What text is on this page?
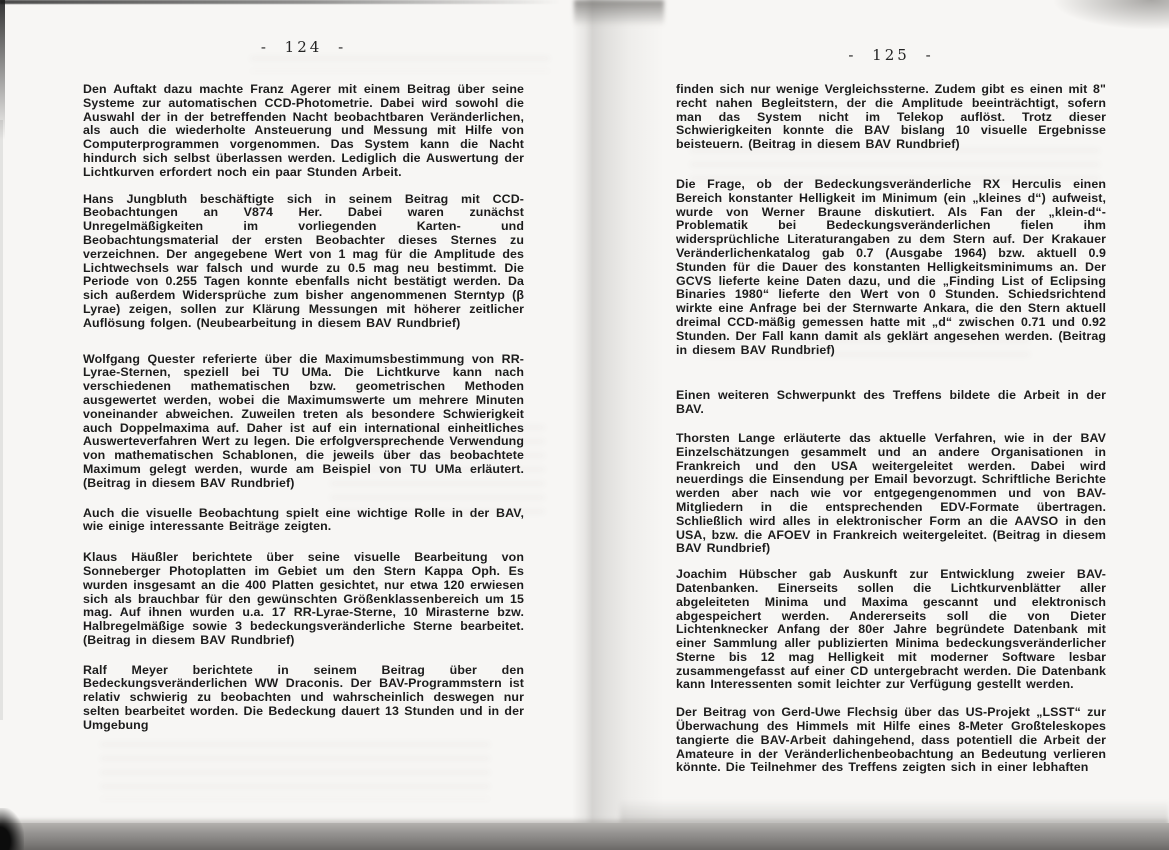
- 124 -

Den Auftakt dazu machte Franz Agerer mit einem Beitrag über seine Systeme zur automatischen CCD-Photometrie. Dabei wird sowohl die Auswahl der in der betreffenden Nacht beobachtbaren Veränderlichen, als auch die wiederholte Ansteuerung und Messung mit Hilfe von Computerprogrammen vorgenommen. Das System kann die Nacht hindurch sich selbst überlassen werden. Lediglich die Auswertung der Lichtkurven erfordert noch ein paar Stunden Arbeit.

Hans Jungbluth beschäftigte sich in seinem Beitrag mit CCD-Beobachtungen an V874 Her. Dabei waren zunächst Unregelmäßigkeiten im vorliegenden Karten- und Beobachtungsmaterial der ersten Beobachter dieses Sternes zu verzeichnen. Der angegebene Wert von 1 mag für die Amplitude des Lichtwechsels war falsch und wurde zu 0.5 mag neu bestimmt. Die Periode von 0.255 Tagen konnte ebenfalls nicht bestätigt werden. Da sich außerdem Widersprüche zum bisher angenommenen Sterntyp (β Lyrae) zeigen, sollen zur Klärung Messungen mit höherer zeitlicher Auflösung folgen. (Neubearbeitung in diesem BAV Rundbrief)

Wolfgang Quester referierte über die Maximumsbestimmung von RR-Lyrae-Sternen, speziell bei TU UMa. Die Lichtkurve kann nach verschiedenen mathematischen bzw. geometrischen Methoden ausgewertet werden, wobei die Maximumswerte um mehrere Minuten voneinander abweichen. Zuweilen treten als besondere Schwierigkeit auch Doppelmaxima auf. Daher ist auf ein international einheitliches Auswerteverfahren Wert zu legen. Die erfolgversprechende Verwendung von mathematischen Schablonen, die jeweils über das beobachtete Maximum gelegt werden, wurde am Beispiel von TU UMa erläutert. (Beitrag in diesem BAV Rundbrief)

Auch die visuelle Beobachtung spielt eine wichtige Rolle in der BAV, wie einige interessante Beiträge zeigten.

Klaus Häußler berichtete über seine visuelle Bearbeitung von Sonneberger Photoplatten im Gebiet um den Stern Kappa Oph. Es wurden insgesamt an die 400 Platten gesichtet, nur etwa 120 erwiesen sich als brauchbar für den gewünschten Größenklassenbereich um 15 mag. Auf ihnen wurden u.a. 17 RR-Lyrae-Sterne, 10 Mirasterne bzw. Halbregelmäßige sowie 3 bedeckungsveränderliche Sterne bearbeitet. (Beitrag in diesem BAV Rundbrief)

Ralf Meyer berichtete in seinem Beitrag über den Bedeckungsveränderlichen WW Draconis. Der BAV-Programmstern ist relativ schwierig zu beobachten und wahrscheinlich deswegen nur selten bearbeitet worden. Die Bedeckung dauert 13 Stunden und in der Umgebung

- 125 -

finden sich nur wenige Vergleichssterne. Zudem gibt es einen mit 8" recht nahen Begleitstern, der die Amplitude beeinträchtigt, sofern man das System nicht im Telekop auflöst. Trotz dieser Schwierigkeiten konnte die BAV bislang 10 visuelle Ergebnisse beisteuern. (Beitrag in diesem BAV Rundbrief)

Die Frage, ob der Bedeckungsveränderliche RX Herculis einen Bereich konstanter Helligkeit im Minimum (ein „kleines d“) aufweist, wurde von Werner Braune diskutiert. Als Fan der „klein-d“-Problematik bei Bedeckungsveränderlichen fielen ihm widersprüchliche Literaturangaben zu dem Stern auf. Der Krakauer Veränderlichenkatalog gab 0.7 (Ausgabe 1964) bzw. aktuell 0.9 Stunden für die Dauer des konstanten Helligkeitsminimums an. Der GCVS lieferte keine Daten dazu, und die „Finding List of Eclipsing Binaries 1980“ lieferte den Wert von 0 Stunden. Schiedsrichtend wirkte eine Anfrage bei der Sternwarte Ankara, die den Stern aktuell dreimal CCD-mäßig gemessen hatte mit „d“ zwischen 0.71 und 0.92 Stunden. Der Fall kann damit als geklärt angesehen werden. (Beitrag in diesem BAV Rundbrief)

Einen weiteren Schwerpunkt des Treffens bildete die Arbeit in der BAV.

Thorsten Lange erläuterte das aktuelle Verfahren, wie in der BAV Einzelschätzungen gesammelt und an andere Organisationen in Frankreich und den USA weitergeleitet werden. Dabei wird neuerdings die Einsendung per Email bevorzugt. Schriftliche Berichte werden aber nach wie vor entgegengenommen und von BAV-Mitgliedern in die entsprechenden EDV-Formate übertragen. Schließlich wird alles in elektronischer Form an die AAVSO in den USA, bzw. die AFOEV in Frankreich weitergeleitet. (Beitrag in diesem BAV Rundbrief)

Joachim Hübscher gab Auskunft zur Entwicklung zweier BAV-Datenbanken. Einerseits sollen die Lichtkurvenblätter aller abgeleiteten Minima und Maxima gescannt und elektronisch abgespeichert werden. Andererseits soll die von Dieter Lichtenknecker Anfang der 80er Jahre begründete Datenbank mit einer Sammlung aller publizierten Minima bedeckungsveränderlicher Sterne bis 12 mag Helligkeit mit moderner Software lesbar zusammengefasst auf einer CD untergebracht werden. Die Datenbank kann Interessenten somit leichter zur Verfügung gestellt werden.

Der Beitrag von Gerd-Uwe Flechsig über das US-Projekt „LSST“ zur Überwachung des Himmels mit Hilfe eines 8-Meter Großteleskopes tangierte die BAV-Arbeit dahingehend, dass potentiell die Arbeit der Amateure in der Veränderlichenbeobachtung an Bedeutung verlieren könnte. Die Teilnehmer des Treffens zeigten sich in einer lebhaften
